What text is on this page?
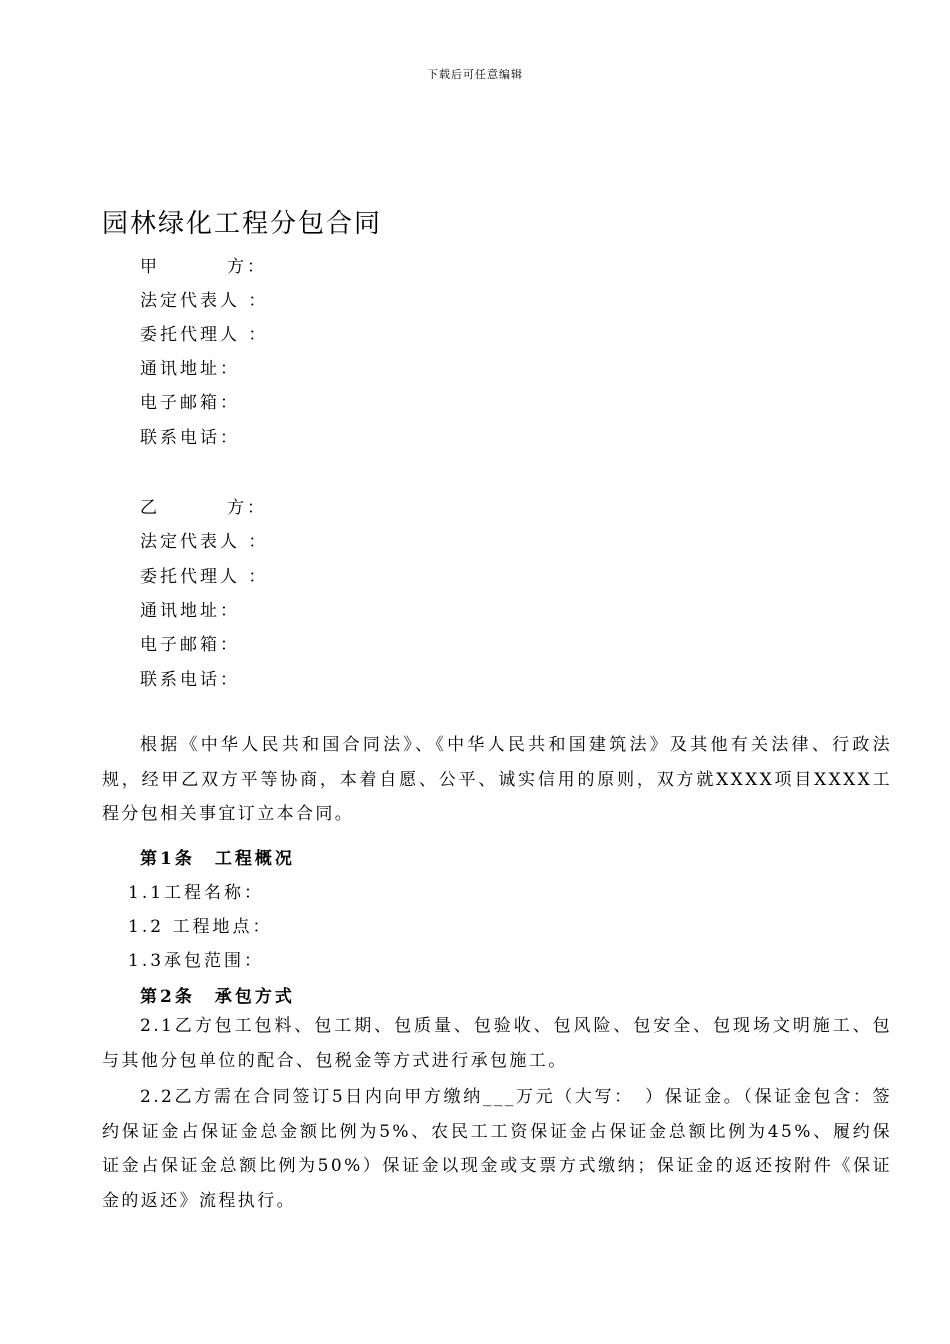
下载后可任意编辑
园林绿化工程分包合同
甲	方：
法定代表人 ：
委托代理人 ：
通讯地址：
电子邮箱：
联系电话：
乙	方：
法定代表人 ：
委托代理人 ：
通讯地址：
电子邮箱：
联系电话：
根据《中华人民共和国合同法》、《中华人民共和国建筑法》及其他有关法律、行政法规，经甲乙双方平等协商，本着自愿、公平、诚实信用的原则，双方就XXXX项目XXXX工程分包相关事宜订立本合同。
第1条　工程概况
1.1工程名称：
1.2 工程地点：
1.3承包范围：
第2条　承包方式
2.1乙方包工包料、包工期、包质量、包验收、包风险、包安全、包现场文明施工、包与其他分包单位的配合、包税金等方式进行承包施工。
2.2乙方需在合同签订5日内向甲方缴纳___万元（大写：　）保证金。（保证金包含：签约保证金占保证金总金额比例为5%、农民工工资保证金占保证金总额比例为45%、履约保证金占保证金总额比例为50%）保证金以现金或支票方式缴纳；保证金的返还按附件《保证金的返还》流程执行。
